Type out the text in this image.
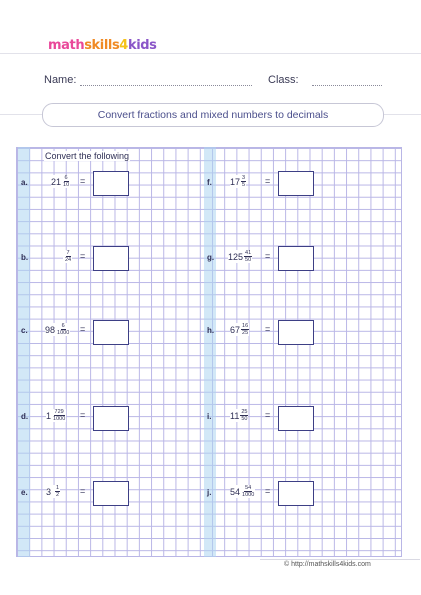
mathskills4kids
Name:	Class:
Convert fractions and mixed numbers to decimals
Convert the following
a.	$21 \frac{6}{10}$ =
b.	$\frac{7}{24}$ =
c. $98 \frac{6}{1000}$ =
d. $1 \frac{729}{1000}$ =
e. $3 \frac{1}{2}$ =
f. $17 \frac{3}{5}$ =
g. $125 \frac{41}{50}$ =
h. $67 \frac{16}{25}$ =
i. $11 \frac{25}{50}$ =
j. $54 \frac{54}{1000}$ =
© http://mathskills4kids.com
